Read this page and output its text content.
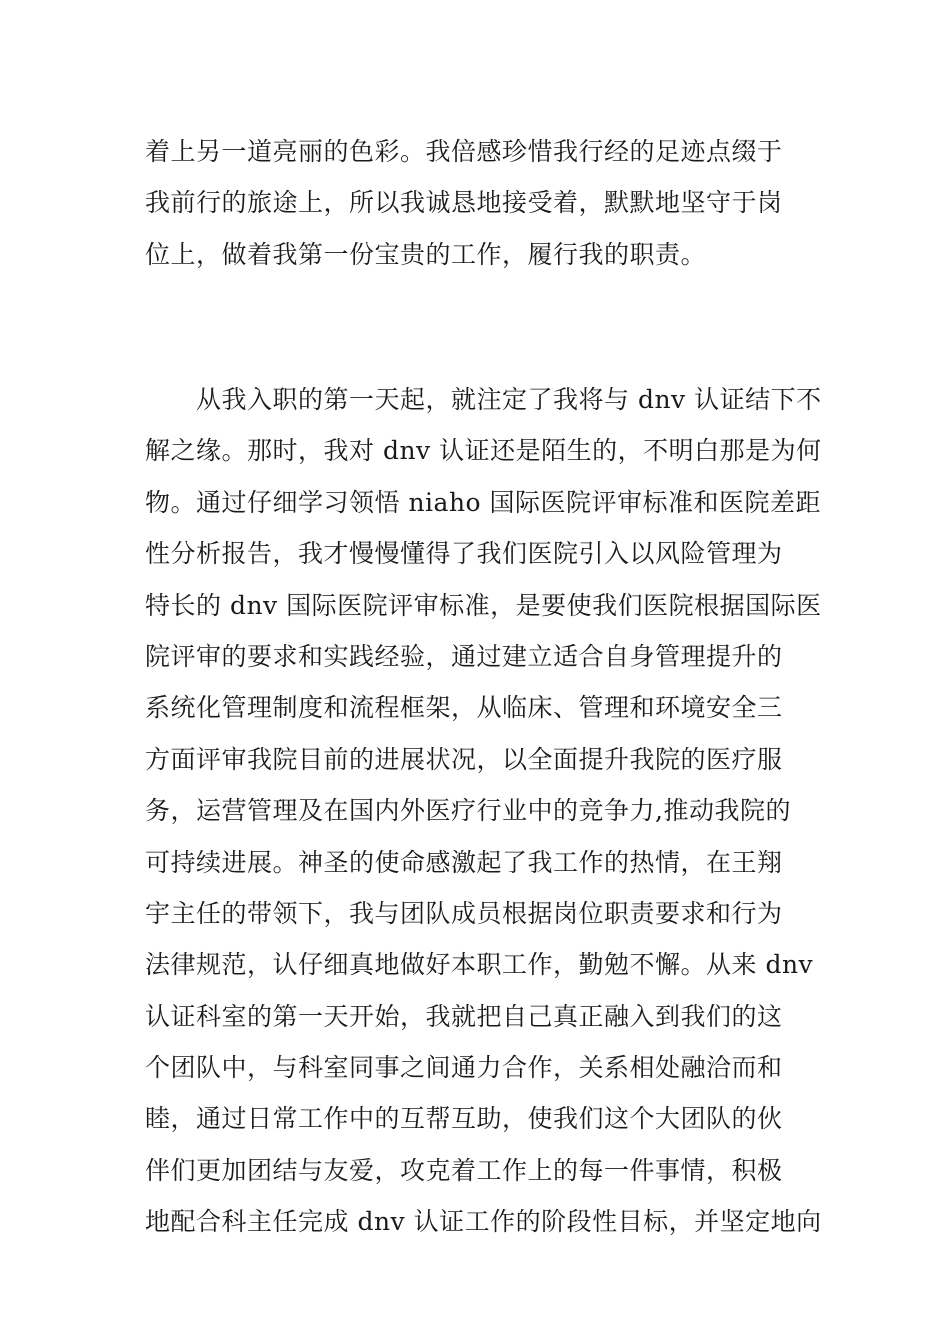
着上另一道亮丽的色彩。我倍感珍惜我行经的足迹点缀于
我前行的旅途上，所以我诚恳地接受着，默默地坚守于岗
位上，做着我第一份宝贵的工作，履行我的职责。
　　从我入职的第一天起，就注定了我将与 dnv 认证结下不
解之缘。那时，我对 dnv 认证还是陌生的，不明白那是为何
物。通过仔细学习领悟 niaho 国际医院评审标准和医院差距
性分析报告，我才慢慢懂得了我们医院引入以风险管理为
特长的 dnv 国际医院评审标准，是要使我们医院根据国际医
院评审的要求和实践经验，通过建立适合自身管理提升的
系统化管理制度和流程框架，从临床、管理和环境安全三
方面评审我院目前的进展状况，以全面提升我院的医疗服
务，运营管理及在国内外医疗行业中的竞争力,推动我院的
可持续进展。神圣的使命感激起了我工作的热情，在王翔
宇主任的带领下，我与团队成员根据岗位职责要求和行为
法律规范，认仔细真地做好本职工作，勤勉不懈。从来 dnv
认证科室的第一天开始，我就把自己真正融入到我们的这
个团队中，与科室同事之间通力合作，关系相处融洽而和
睦，通过日常工作中的互帮互助，使我们这个大团队的伙
伴们更加团结与友爱，攻克着工作上的每一件事情，积极
地配合科主任完成 dnv 认证工作的阶段性目标，并坚定地向
